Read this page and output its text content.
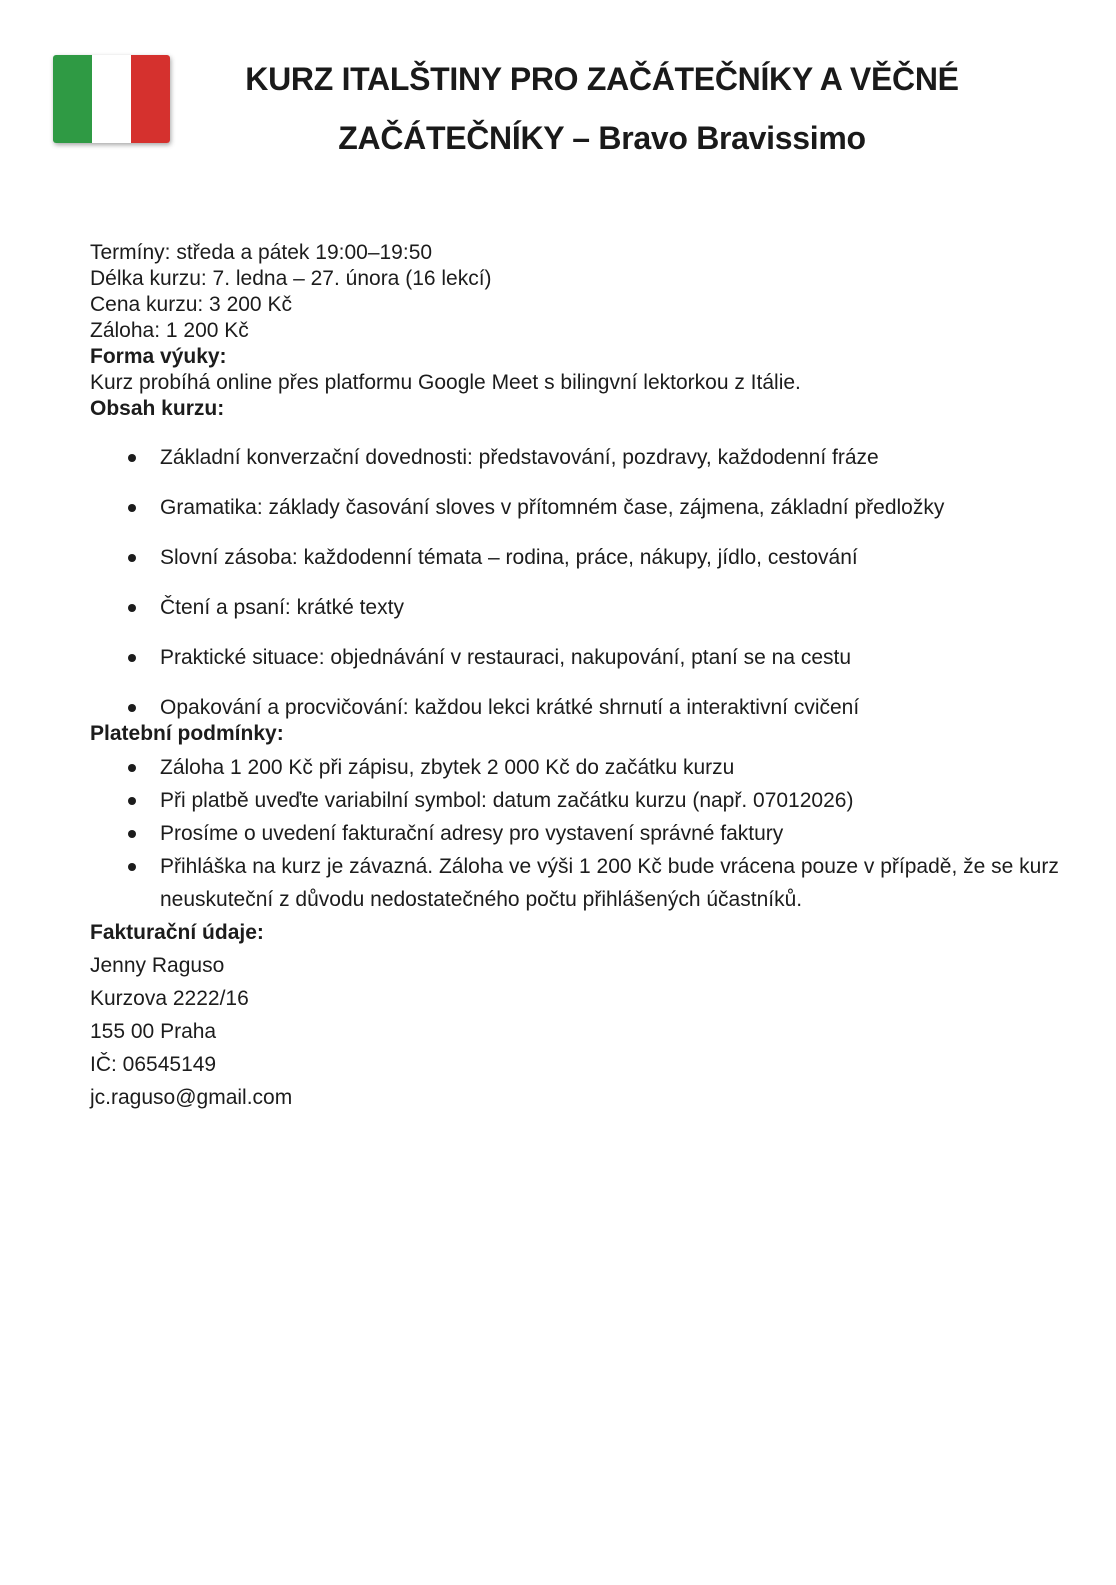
KURZ ITALŠTINY PRO ZAČÁTEČNÍKY A VĚČNÉ
ZAČÁTEČNÍKY – Bravo Bravissimo

Termíny: středa a pátek 19:00–19:50

Délka kurzu: 7. ledna – 27. února (16 lekcí)

Cena kurzu: 3 200 Kč

Záloha: 1 200 Kč

Forma výuky:

Kurz probíhá online přes platformu Google Meet s bilingvní lektorkou z Itálie.

Obsah kurzu:
Základní konverzační dovednosti: představování, pozdravy, každodenní fráze
Gramatika: základy časování sloves v přítomném čase, zájmena, základní předložky
Slovní zásoba: každodenní témata – rodina, práce, nákupy, jídlo, cestování
Čtení a psaní: krátké texty
Praktické situace: objednávání v restauraci, nakupování, ptaní se na cestu
Opakování a procvičování: každou lekci krátké shrnutí a interaktivní cvičení
Platební podmínky:
Záloha 1 200 Kč při zápisu, zbytek 2 000 Kč do začátku kurzu
Při platbě uveďte variabilní symbol: datum začátku kurzu (např. 07012026)
Prosíme o uvedení fakturační adresy pro vystavení správné faktury
Přihláška na kurz je závazná. Záloha ve výši 1 200 Kč bude vrácena pouze v případě, že se kurz neuskuteční z důvodu nedostatečného počtu přihlášených účastníků.
Fakturační údaje:

Jenny Raguso

Kurzova 2222/16

155 00 Praha

IČ: 06545149

jc.raguso@gmail.com
